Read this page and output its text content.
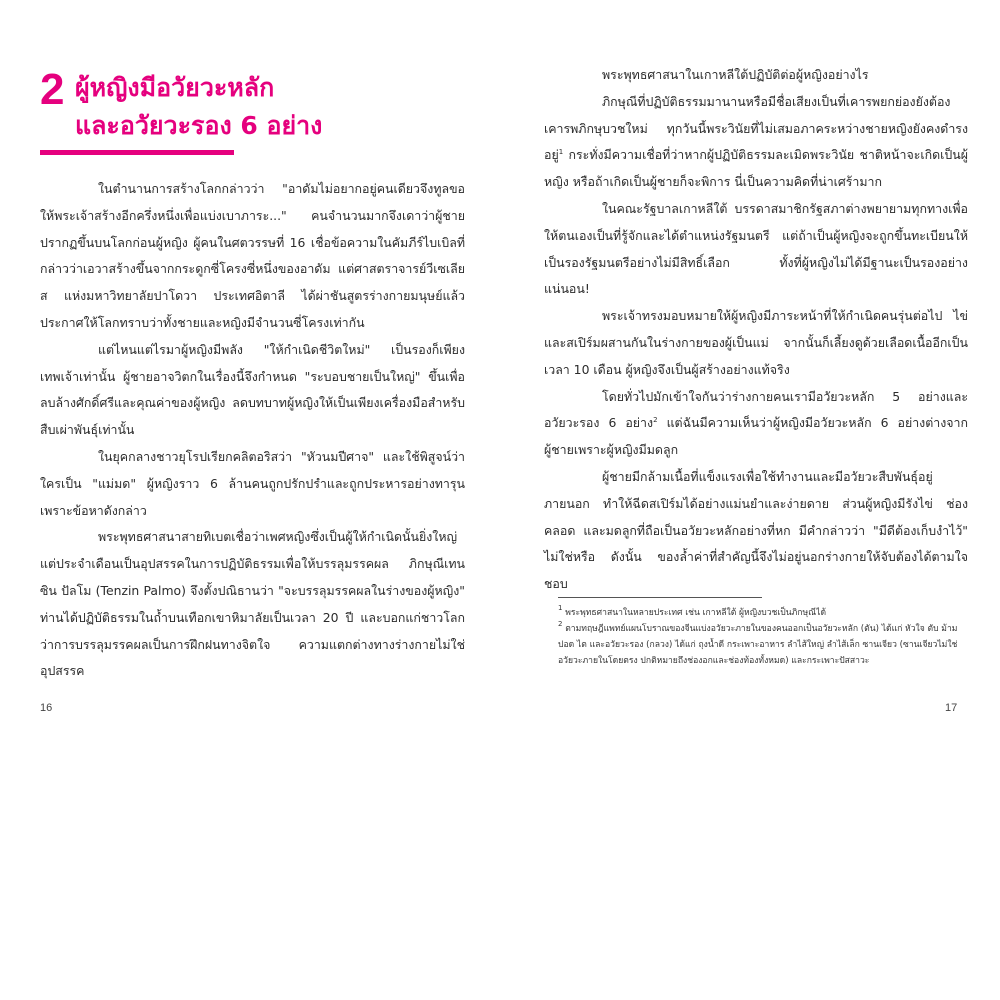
2 ผู้หญิงมีอวัยวะหลัก
และอวัยวะรอง 6 อย่าง

ในตำนานการสร้างโลกกล่าวว่า "อาดัมไม่อยากอยู่คนเดียวจึงทูลขอให้พระเจ้าสร้างอีกครึ่งหนึ่งเพื่อแบ่งเบาภาระ..." คนจำนวนมากจึงเดาว่าผู้ชายปรากฏขึ้นบนโลกก่อนผู้หญิง ผู้คนในศตวรรษที่ 16 เชื่อข้อความในคัมภีร์ไบเบิลที่กล่าวว่าเอวาสร้างขึ้นจากกระดูกซี่โครงซี่หนึ่งของอาดัม แต่ศาสตราจารย์วีเซเลียส แห่งมหาวิทยาลัยปาโดวา ประเทศอิตาลี ได้ผ่าชันสูตรร่างกายมนุษย์แล้วประกาศให้โลกทราบว่าทั้งชายและหญิงมีจำนวนซี่โครงเท่ากัน

แต่ไหนแต่ไรมาผู้หญิงมีพลัง "ให้กำเนิดชีวิตใหม่" เป็นรองก็เพียงเทพเจ้าเท่านั้น ผู้ชายอาจวิตกในเรื่องนี้จึงกำหนด "ระบอบชายเป็นใหญ่" ขึ้นเพื่อลบล้างศักดิ์ศรีและคุณค่าของผู้หญิง ลดบทบาทผู้หญิงให้เป็นเพียงเครื่องมือสำหรับสืบเผ่าพันธุ์เท่านั้น

ในยุคกลางชาวยุโรปเรียกคลิตอริสว่า "หัวนมปีศาจ" และใช้พิสูจน์ว่าใครเป็น "แม่มด" ผู้หญิงราว 6 ล้านคนถูกปรักปรำและถูกประหารอย่างทารุนเพราะข้อหาดังกล่าว

พระพุทธศาสนาสายทิเบตเชื่อว่าเพศหญิงซึ่งเป็นผู้ให้กำเนิดนั้นยิ่งใหญ่แต่ประจำเดือนเป็นอุปสรรคในการปฏิบัติธรรมเพื่อให้บรรลุมรรคผล ภิกษุณีเทนซิน ปัลโม (Tenzin Palmo) จึงตั้งปณิธานว่า "จะบรรลุมรรคผลในร่างของผู้หญิง" ท่านได้ปฏิบัติธรรมในถ้ำบนเทือกเขาหิมาลัยเป็นเวลา 20 ปี และบอกแก่ชาวโลกว่าการบรรลุมรรคผลเป็นการฝึกฝนทางจิตใจ ความแตกต่างทางร่างกายไม่ใช่อุปสรรค

16

พระพุทธศาสนาในเกาหลีใต้ปฏิบัติต่อผู้หญิงอย่างไร

ภิกษุณีที่ปฏิบัติธรรมมานานหรือมีชื่อเสียงเป็นที่เคารพยกย่องยังต้องเคารพภิกษุบวชใหม่ ทุกวันนี้พระวินัยที่ไม่เสมอภาคระหว่างชายหญิงยังคงดำรงอยู่$^1$ กระทั่งมีความเชื่อที่ว่าหากผู้ปฏิบัติธรรมละเมิดพระวินัย ชาติหน้าจะเกิดเป็นผู้หญิง หรือถ้าเกิดเป็นผู้ชายก็จะพิการ นี่เป็นความคิดที่น่าเศร้ามาก

ในคณะรัฐบาลเกาหลีใต้ บรรดาสมาชิกรัฐสภาต่างพยายามทุกทางเพื่อให้ตนเองเป็นที่รู้จักและได้ตำแหน่งรัฐมนตรี แต่ถ้าเป็นผู้หญิงจะถูกขึ้นทะเบียนให้เป็นรองรัฐมนตรีอย่างไม่มีสิทธิ์เลือก ทั้งที่ผู้หญิงไม่ได้มีฐานะเป็นรองอย่างแน่นอน!

พระเจ้าทรงมอบหมายให้ผู้หญิงมีภาระหน้าที่ให้กำเนิดคนรุ่นต่อไป ไข่และสเปิร์มผสานกันในร่างกายของผู้เป็นแม่ จากนั้นก็เลี้ยงดูด้วยเลือดเนื้ออีกเป็นเวลา 10 เดือน ผู้หญิงจึงเป็นผู้สร้างอย่างแท้จริง

โดยทั่วไปมักเข้าใจกันว่าร่างกายคนเรามีอวัยวะหลัก 5 อย่างและอวัยวะรอง 6 อย่าง$^2$ แต่ฉันมีความเห็นว่าผู้หญิงมีอวัยวะหลัก 6 อย่างต่างจากผู้ชายเพราะผู้หญิงมีมดลูก

ผู้ชายมีกล้ามเนื้อที่แข็งแรงเพื่อใช้ทำงานและมีอวัยวะสืบพันธุ์อยู่ภายนอก ทำให้ฉีดสเปิร์มได้อย่างแม่นยำและง่ายดาย ส่วนผู้หญิงมีรังไข่ ช่องคลอด และมดลูกที่ถือเป็นอวัยวะหลักอย่างที่หก มีคำกล่าวว่า "มีดีต้องเก็บงำไว้" ไม่ใช่หรือ ดังนั้น ของล้ำค่าที่สำคัญนี้จึงไม่อยู่นอกร่างกายให้จับต้องได้ตามใจชอบ

$^1$ พระพุทธศาสนาในหลายประเทศ เช่น เกาหลีใต้ ผู้หญิงบวชเป็นภิกษุณีได้

$^2$ ตามทฤษฎีแพทย์แผนโบราณของจีนแบ่งอวัยวะภายในของคนออกเป็นอวัยวะหลัก (ตัน) ได้แก่ หัวใจ ตับ ม้าม ปอด ไต และอวัยวะรอง (กลวง) ได้แก่ ถุงน้ำดี กระเพาะอาหาร ลำไส้ใหญ่ ลำไส้เล็ก ซานเจียว (ซานเจียวไม่ใช่อวัยวะภายในโดยตรง ปกติหมายถึงช่องอกและช่องท้องทั้งหมด) และกระเพาะปัสสาวะ

17
